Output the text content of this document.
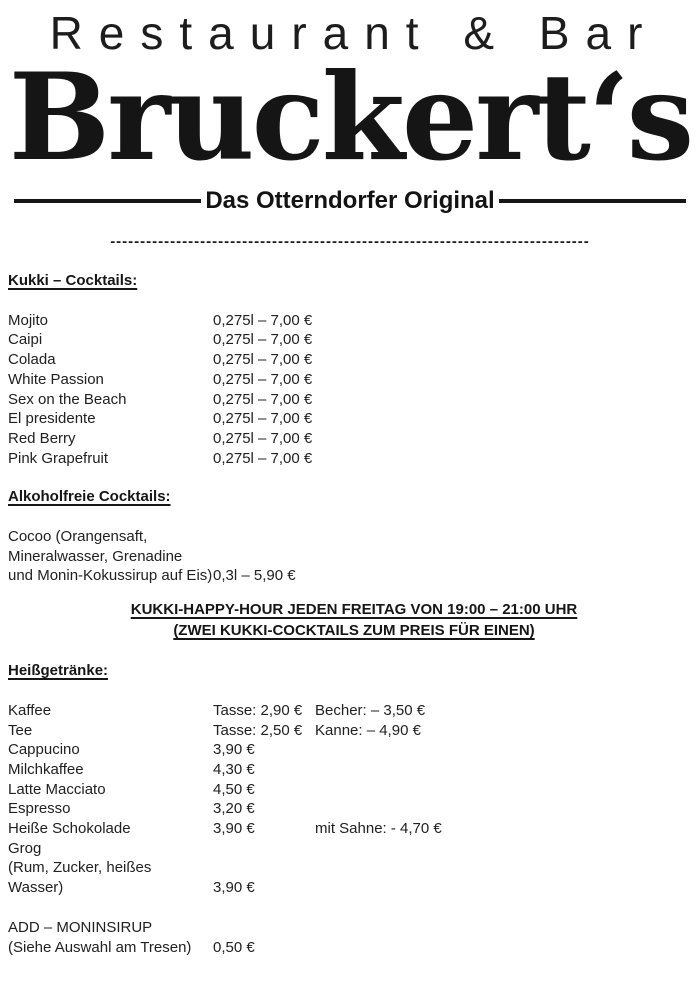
Restaurant & Bar
Bruckert‘s
Das Otterndorfer Original
--------------------------------------------------------------------------------
Kukki – Cocktails:
Mojito	0,275l – 7,00 €
Caipi	0,275l – 7,00 €
Colada	0,275l – 7,00 €
White Passion	0,275l – 7,00 €
Sex on the Beach	0,275l – 7,00 €
El presidente	0,275l – 7,00 €
Red Berry	0,275l – 7,00 €
Pink Grapefruit	0,275l – 7,00 €
Alkoholfreie Cocktails:
Cocoo (Orangensaft,
Mineralwasser, Grenadine
und Monin-Kokussirup auf Eis) 0,3l – 5,90 €
KUKKI-HAPPY-HOUR JEDEN FREITAG VON 19:00 – 21:00 UHR
(ZWEI KUKKI-COCKTAILS ZUM PREIS FÜR EINEN)
Heißgetränke:
Kaffee	Tasse: 2,90 € Becher: – 3,50 €
Tee	Tasse: 2,50 € Kanne: – 4,90 €
Cappucino	3,90 €
Milchkaffee	4,30 €
Latte Macciato	4,50 €
Espresso	3,20 €
Heiße Schokolade	3,90 €	mit Sahne: - 4,70 €
Grog
(Rum, Zucker, heißes
Wasser)	3,90 €
ADD – MONINSIRUP
(Siehe Auswahl am Tresen)	0,50 €
